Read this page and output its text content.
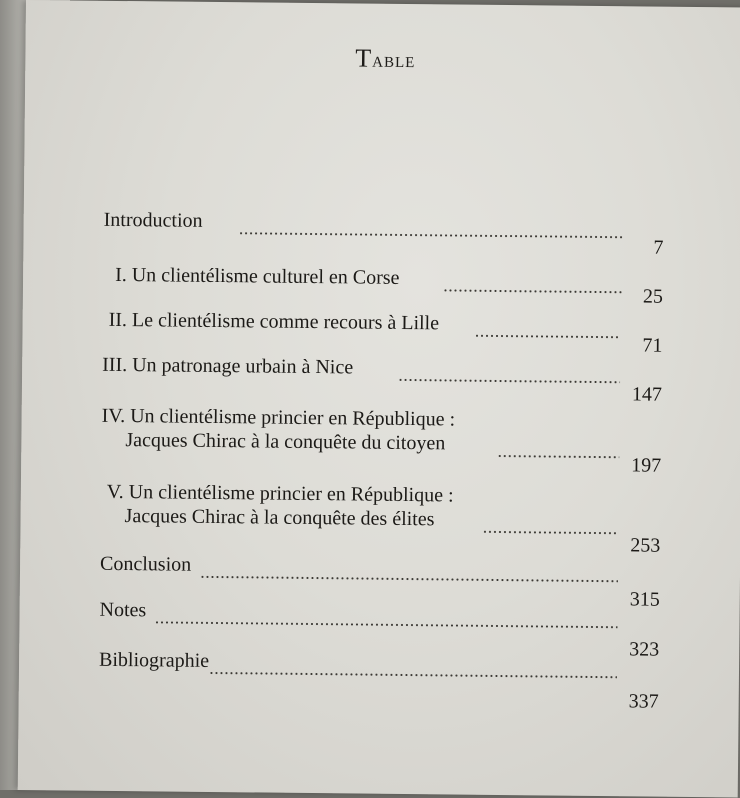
Table
Introduction
7
I. Un clientélisme culturel en Corse
25
II. Le clientélisme comme recours à Lille
71
III. Un patronage urbain à Nice
147
IV. Un clientélisme princier en République :
Jacques Chirac à la conquête du citoyen
197
V. Un clientélisme princier en République :
Jacques Chirac à la conquête des élites
253
Conclusion
315
Notes
323
Bibliographie
337
